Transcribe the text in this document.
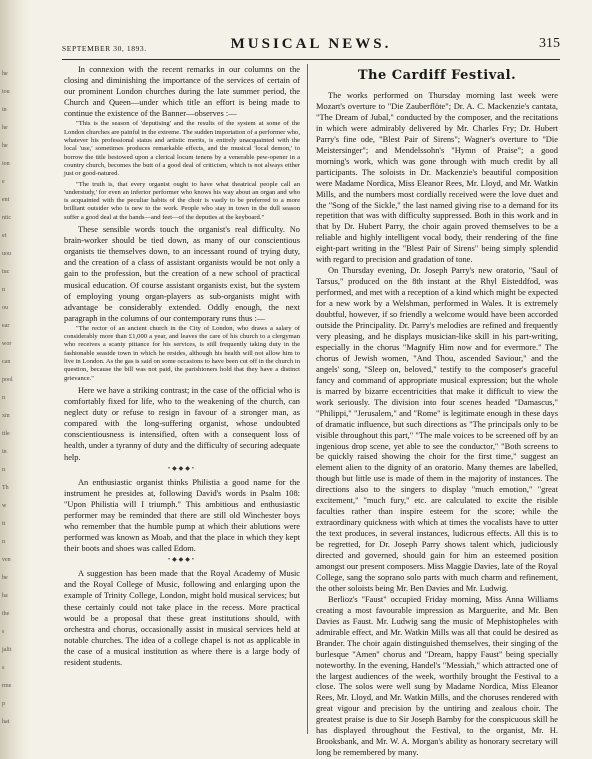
he
tou
in
he
he
ion
e
ent
ntic
et
uou
tuc
n
ou
ear
wor
can
pool
n
xin
ttle
in
n
Th
w
tt
n
ven
be
ha
the
s
jalit
s
rme
p
hat
SEPTEMBER 30, 1893.	MUSICAL NEWS.	315

In connexion with the recent remarks in our columns on the closing and diminishing the importance of the services of certain of our prominent London churches during the late summer period, the Church and Queen—under which title an effort is being made to continue the existence of the Banner—observes :—

"This is the season of 'deputising' and the results of the system at some of the London churches are painful in the extreme. The sudden importation of a performer who, whatever his professional status and artistic merits, is entirely unacquainted with the local 'use,' sometimes produces remarkable effects, and the musical 'local demon,' to borrow the title bestowed upon a clerical locum tenens by a venerable pew-opener in a country church, becomes the butt of a good deal of criticism, which is not always either just or good-natured.

"The truth is, that every organist ought to have what theatrical people call an 'understudy,' for even an inferior performer who knows his way about an organ and who is acquainted with the peculiar habits of the choir is vastly to be preferred to a more brilliant outsider who is new to the work. People who stay in town in the dull season suffer a good deal at the hands—and feet—of the deputies at the keyboard."

These sensible words touch the organist's real difficulty. No brain-worker should be tied down, as many of our conscientious organists tie themselves down, to an incessant round of trying duty, and the creation of a class of assistant organists would be not only a gain to the profession, but the creation of a new school of practical musical education. Of course assistant organists exist, but the system of employing young organ-players as sub-organists might with advantage be considerably extended. Oddly enough, the next paragraph in the columns of our contemporary runs thus :—

"The rector of an ancient church in the City of London, who draws a salary of considerably more than £1,000 a year, and leaves the care of his church to a clergyman who receives a scanty pittance for his services, is still frequently taking duty in the fashionable seaside town in which he resides, although his health will not allow him to live in London. As the gas is said on some occasions to have been cut off in the church in question, because the bill was not paid, the parishioners hold that they have a distinct grievance."

Here we have a striking contrast; in the case of the official who is comfortably fixed for life, who to the weakening of the church, can neglect duty or refuse to resign in favour of a stronger man, as compared with the long-suffering organist, whose undoubted conscientiousness is intensified, often with a consequent loss of health, under a tyranny of duty and the difficulty of securing adequate help.

•◆◆◆•

An enthusiastic organist thinks Philistia a good name for the instrument he presides at, following David's words in Psalm 108: "Upon Philistia will I triumph." This ambitious and enthusiastic performer may be reminded that there are still old Winchester boys who remember that the humble pump at which their ablutions were performed was known as Moab, and that the place in which they kept their boots and shoes was called Edom.

•◆◆◆•

A suggestion has been made that the Royal Academy of Music and the Royal College of Music, following and enlarging upon the example of Trinity College, London, might hold musical services; but these certainly could not take place in the recess. More practical would be a proposal that these great institutions should, with orchestra and chorus, occasionally assist in musical services held at notable churches. The idea of a college chapel is not as applicable in the case of a musical institution as where there is a large body of resident students.

The Cardiff Festival.

The works performed on Thursday morning last week were Mozart's overture to "Die Zauberflöte"; Dr. A. C. Mackenzie's cantata, "The Dream of Jubal," conducted by the composer, and the recitations in which were admirably delivered by Mr. Charles Fry; Dr. Hubert Parry's fine ode, "Blest Pair of Sirens"; Wagner's overture to "Die Meistersinger"; and Mendelssohn's "Hymn of Praise"; a good morning's work, which was gone through with much credit by all participants. The soloists in Dr. Mackenzie's beautiful composition were Madame Nordica, Miss Eleanor Rees, Mr. Lloyd, and Mr. Watkin Mills, and the numbers most cordially received were the love duet and the "Song of the Sickle," the last named giving rise to a demand for its repetition that was with difficulty suppressed. Both in this work and in that by Dr. Hubert Parry, the choir again proved themselves to be a reliable and highly intelligent vocal body, their rendering of the fine eight-part writing in the "Blest Pair of Sirens" being simply splendid with regard to precision and gradation of tone.

On Thursday evening, Dr. Joseph Parry's new oratorio, "Saul of Tarsus," produced on the 8th instant at the Rhyl Eisteddfod, was performed, and met with a reception of a kind which might be expected for a new work by a Welshman, performed in Wales. It is extremely doubtful, however, if so friendly a welcome would have been accorded outside the Principality. Dr. Parry's melodies are refined and frequently very pleasing, and he displays musician-like skill in his part-writing, especially in the chorus "Magnify Him now and for evermore." The chorus of Jewish women, "And Thou, ascended Saviour," and the angels' song, "Sleep on, beloved," testify to the composer's graceful fancy and command of appropriate musical expression; but the whole is marred by bizarre eccentricities that make it difficult to view the work seriously. The division into four scenes headed "Damascus," "Philippi," "Jerusalem," and "Rome" is legitimate enough in these days of dramatic influence, but such directions as "The principals only to be visible throughout this part," "The male voices to be screened off by an ingenious drop scene, yet able to see the conductor," "Both screens to be quickly raised showing the choir for the first time," suggest an element alien to the dignity of an oratorio. Many themes are labelled, though but little use is made of them in the majority of instances. The directions also to the singers to display "much emotion," "great excitement," "much fury," etc. are calculated to excite the risible faculties rather than inspire esteem for the score; while the extraordinary quickness with which at times the vocalists have to utter the text produces, in several instances, ludicrous effects. All this is to be regretted, for Dr. Joseph Parry shows talent which, judiciously directed and governed, should gain for him an esteemed position amongst our present composers. Miss Maggie Davies, late of the Royal College, sang the soprano solo parts with much charm and refinement, the other soloists being Mr. Ben Davies and Mr. Ludwig.

Berlioz's "Faust" occupied Friday morning, Miss Anna Williams creating a most favourable impression as Marguerite, and Mr. Ben Davies as Faust. Mr. Ludwig sang the music of Mephistopheles with admirable effect, and Mr. Watkin Mills was all that could be desired as Brander. The choir again distinguished themselves, their singing of the burlesque "Amen" chorus and "Dream, happy Faust" being specially noteworthy. In the evening, Handel's "Messiah," which attracted one of the largest audiences of the week, worthily brought the Festival to a close. The solos were well sung by Madame Nordica, Miss Eleanor Rees, Mr. Lloyd, and Mr. Watkin Mills, and the choruses rendered with great vigour and precision by the untiring and zealous choir. The greatest praise is due to Sir Joseph Barnby for the conspicuous skill he has displayed throughout the Festival, to the organist, Mr. H. Brooksbank, and Mr. W. A. Morgan's ability as honorary secretary will long be remembered by many.
